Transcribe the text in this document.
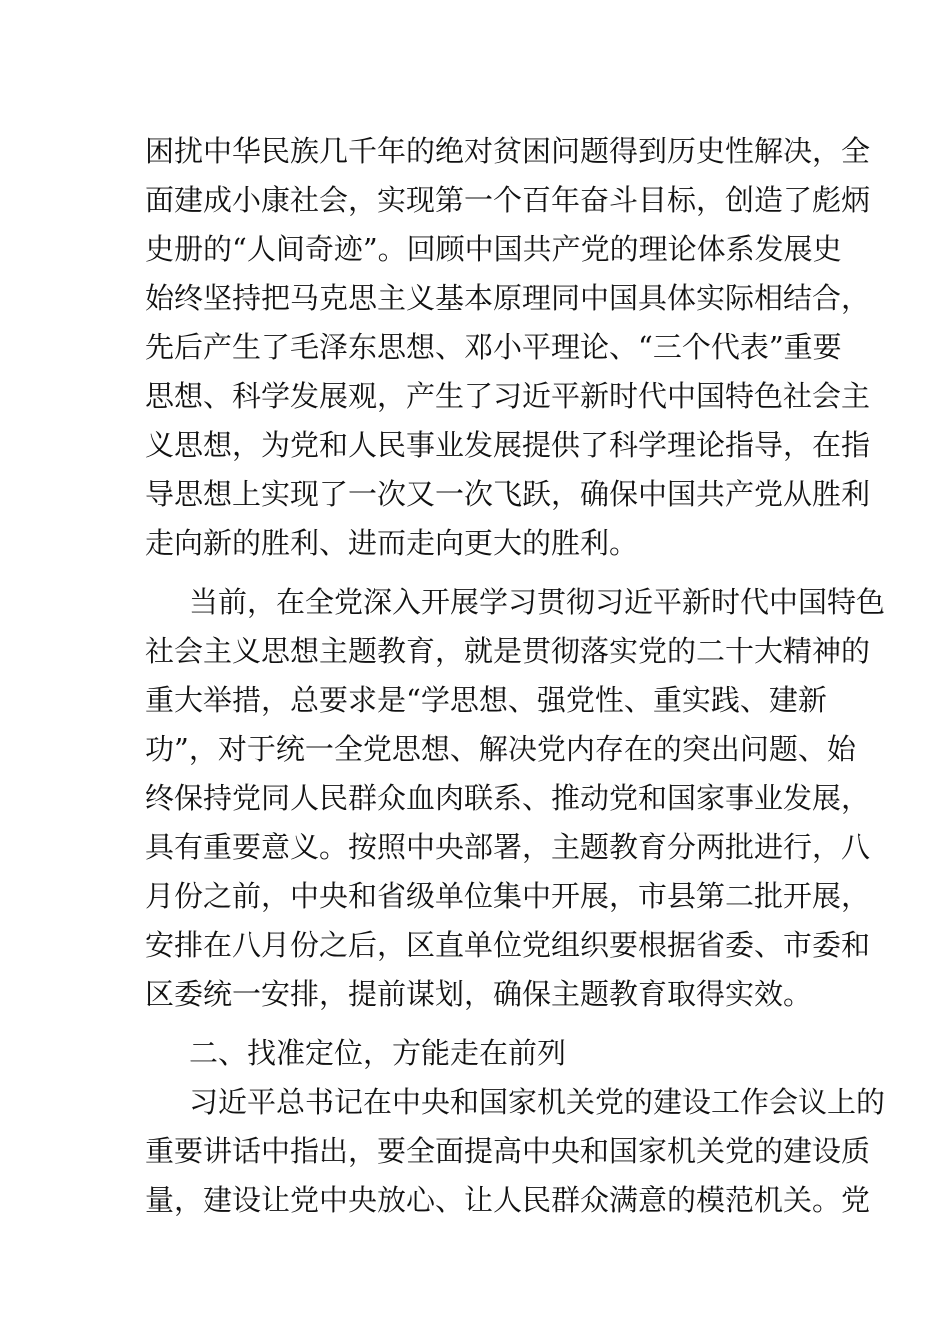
困扰中华民族几千年的绝对贫困问题得到历史性解决，全
面建成小康社会，实现第一个百年奋斗目标，创造了彪炳
史册的“人间奇迹”。回顾中国共产党的理论体系发展史
始终坚持把马克思主义基本原理同中国具体实际相结合，
先后产生了毛泽东思想、邓小平理论、“三个代表”重要
思想、科学发展观，产生了习近平新时代中国特色社会主
义思想，为党和人民事业发展提供了科学理论指导，在指
导思想上实现了一次又一次飞跃，确保中国共产党从胜利
走向新的胜利、进而走向更大的胜利。
当前，在全党深入开展学习贯彻习近平新时代中国特色
社会主义思想主题教育，就是贯彻落实党的二十大精神的
重大举措，总要求是“学思想、强党性、重实践、建新
功”，对于统一全党思想、解决党内存在的突出问题、始
终保持党同人民群众血肉联系、推动党和国家事业发展，
具有重要意义。按照中央部署，主题教育分两批进行，八
月份之前，中央和省级单位集中开展，市县第二批开展，
安排在八月份之后，区直单位党组织要根据省委、市委和
区委统一安排，提前谋划，确保主题教育取得实效。
二、找准定位，方能走在前列
习近平总书记在中央和国家机关党的建设工作会议上的
重要讲话中指出，要全面提高中央和国家机关党的建设质
量，建设让党中央放心、让人民群众满意的模范机关。党
